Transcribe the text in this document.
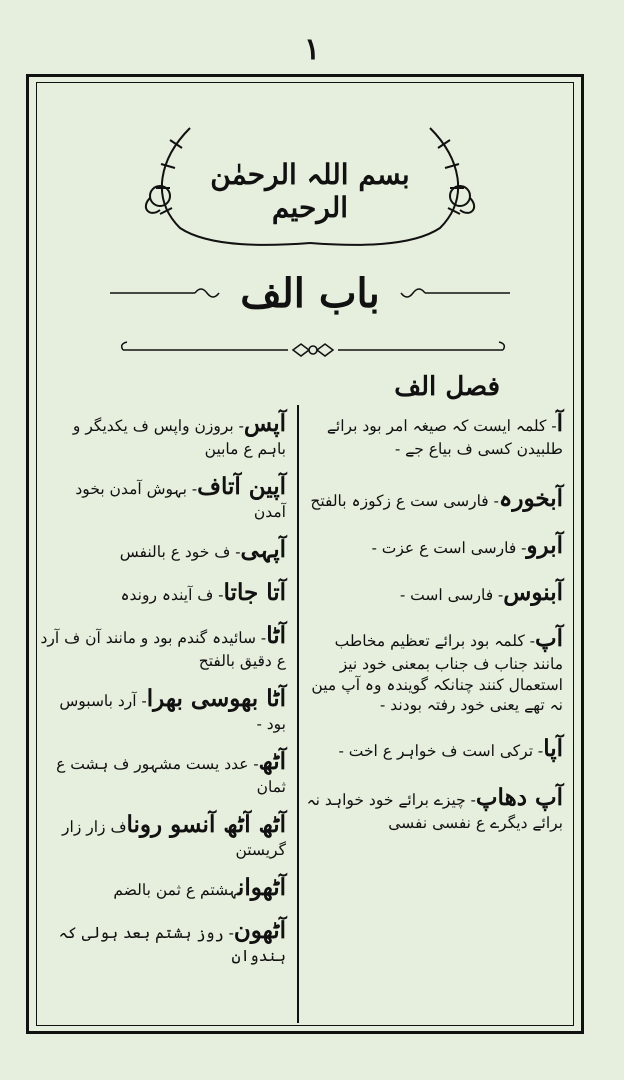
۱
بسم اللہ الرحمٰن الرحیم
باب الف
فصل الف

آ- کلمہ ایست کہ صیغہ امر بود برائے طلبیدن کسی ف بیاع جے -

آبخورہ- فارسی ست ع زکوزہ بالفتح

آبرو- فارسی است ع عزت -

آبنوس- فارسی است -

آپ- کلمہ بود برائے تعظیم مخاطب مانند جناب ف جناب بمعنی خود نیز استعمال کنند چنانکہ گویندہ وہ آپ مین نہ تھے یعنی خود رفتہ بودند -

آپا- ترکی است ف خواہر ع اخت -

آپ دھاپ- چیزے برائے خود خواہد نہ برائے دیگرے ع نفسی نفسی

آپس- بروزن واپس ف یکدیگر و باہم ع مابین

آپین آتاف- بہوش آمدن بخود آمدن

آپہی- ف خود ع بالنفس

آتا جاتا- ف آیندہ روندہ

آٹا- سائیدہ گندم بود و مانند آن ف آرد ع دقیق بالفتح

آٹا بھوسی بھرا- آرد باسبوس بود -

آٹھ- عدد یست مشہور ف ہشت ع ثمان

آٹھ آٹھ آنسو روناف زار زار گریستن

آٹھوانہشتم ع ثمن بالضم

آٹھون- روز ہشتم بعد ہولی کہ ہندوان
